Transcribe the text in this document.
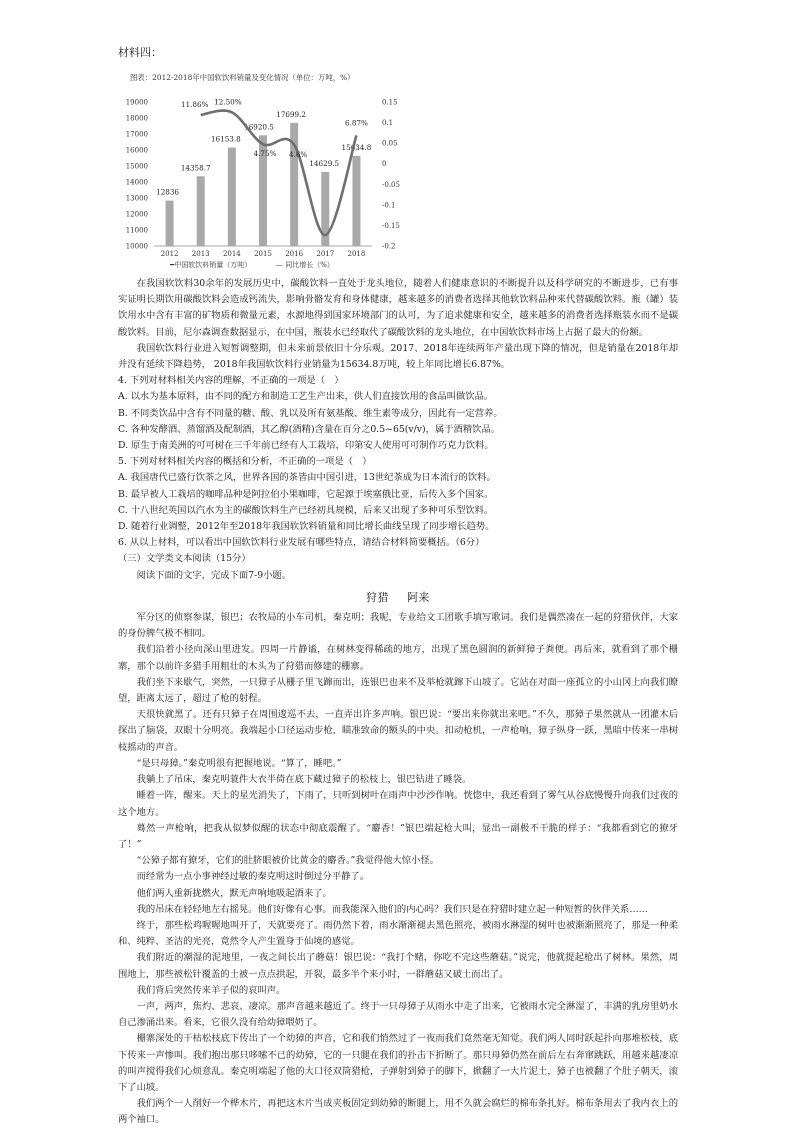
材料四：
图表：2012-2018年中国软饮料销量及变化情况（单位：万吨，%）
19000
18000
17000
16000
15000
14000
13000
12000
11000
10000
0.15
0.1
0.05
0
-0.05
-0.1
-0.15
-0.2
12836
14358.7
16153.8
16920.5
17699.2
14629.5
15634.8
11.86% 12.50%
4.75% 4.6%
6.87%
2012 2013 2014 2015 2016 2017 2018
━中国软饮料销量（万吨）	— 同比增长（%）

在我国软饮料30余年的发展历史中，碳酸饮料一直处于龙头地位，随着人们健康意识的不断提升以及科学研究的不断进步，已有事实证明长期饮用碳酸饮料会造成钙流失，影响骨骼发育和身体健康，越来越多的消费者选择其他软饮料品种来代替碳酸饮料。瓶（罐）装饮用水中含有丰富的矿物质和微量元素，水源地得到国家环境部门的认可，为了追求健康和安全，越来越多的消费者选择瓶装水而不是碳酸饮料。目前，尼尔森调查数据显示，在中国，瓶装水已经取代了碳酸饮料的龙头地位，在中国软饮料市场上占据了最大的份额。

我国软饮料行业进入短暂调整期，但未来前景依旧十分乐观。2017、2018年连续两年产量出现下降的情况，但是销量在2018年却并没有延续下降趋势， 2018年我国软饮料行业销量为15634.8万吨，较上年同比增长6.87%。

4. 下列对材料相关内容的理解，不正确的一项是（　）

A. 以水为基本原料，由不同的配方和制造工艺生产出来，供人们直接饮用的食品叫做饮品。

B. 不同类饮品中含有不同量的糖、酸、乳以及所有氨基酸、维生素等成分，因此有一定营养。

C. 各种发酵酒、蒸馏酒及配制酒，其乙醇(酒精)含量在百分之0.5~65(v/v)，属于酒精饮品。

D. 原生于南美洲的可可树在三千年前已经有人工栽培，印第安人使用可可制作巧克力饮料。

5. 下列对材料相关内容的概括和分析，不正确的一项是（　）

A. 我国唐代已盛行饮茶之风，世界各国的茶皆由中国引进，13世纪茶成为日本流行的饮料。

B. 最早被人工栽培的咖啡品种是阿拉伯小果咖啡，它起源于埃塞俄比亚，后传入多个国家。

C. 十八世纪英国以汽水为主的碳酸饮料生产已经初具规模，后来又出现了多种可乐型饮料。

D. 随着行业调整，2012年至2018年我国软饮料销量和同比增长曲线呈现了同步增长趋势。

6. 从以上材料，可以看出中国软饮料行业发展有哪些特点，请结合材料简要概括。（6分）

（三）文学类文本阅读（15分）

阅读下面的文字，完成下面7-9小题。

狩猎 阿来

军分区的侦察参谋，银巴；农牧局的小车司机，秦克明；我呢，专业给文工团歌手填写歌词。我们是偶然凑在一起的狩猎伙伴，大家的身份脾气极不相同。

我们沿着小径向深山里进发。四周一片静谧，在树林变得稀疏的地方，出现了黑色圆润的新鲜獐子粪便。再后来，就看到了那个栅寨，那个以前许多猎手用粗壮的木头为了狩猎而修建的栅寨。

我们坐下来歇气，突然，一只獐子从栅子里飞蹿而出，连银巴也来不及举枪就蹿下山坡了。它站在对面一座孤立的小山冈上向我们瞭望，距离太远了，超过了枪的射程。

天很快就黑了。还有只獐子在周围逡巡不去，一直弄出许多声响。银巴说：“要出来你就出来吧。”不久，那獐子果然就从一团灌木后探出了脑袋，双眼十分明亮。我端起小口径运动步枪，瞄准致命的额头的中央。扣动枪机，一声枪响，獐子纵身一跃，黑暗中传来一串树枝摇动的声音。

“是只母獐。”秦克明很有把握地说。“算了，睡吧。”

我躺上了吊床，秦克明蓑件大衣半倚在底下藏过獐子的松枝上，银巴钻进了睡袋。

睡着一阵，醒来。天上的星光消失了，下雨了，只听到树叶在雨声中沙沙作响。恍惚中，我还看到了雾气从谷底慢慢升向我们过夜的这个地方。

蓦然一声枪响，把我从似梦似醒的状态中彻底震醒了。“麝香！”银巴端起枪大叫，显出一副极不干脆的样子：“我都看到它的獠牙了！”

“公獐子都有獠牙，它们的肚脐眼被价比黄金的麝香。”我觉得他大惊小怪。

而经常为一点小事神经过敏的秦克明这时倒过分平静了。

他们两人重新拢燃火，默无声响地吸起酒来了。

我的吊床在轻轻地左右摇晃。他们好像有心事。而我能深入他们的内心吗？我们只是在狩猎时建立起一种短暂的伙伴关系……

终于，那些松鸡喔喔地叫开了，天就要亮了。雨仍然下着，雨水渐渐褪去黑色照亮，被雨水淋湿的树叶也被渐渐照亮了，那是一种柔和、纯粹、圣洁的光亮，竟然令人产生置身于仙境的感觉。

我们附近的潮湿的泥地里，一夜之间长出了蘑菇！银巴说：“我打个赌，你吃不完这些蘑菇。”说完，他就提起枪出了树林。果然，周围地上，那些被松针覆盖的土被一点点拱起，开裂，最多半个来小时，一群蘑菇又破土而出了。

我们背后突然传来羊子似的哀叫声。

一声，两声，焦灼、悲哀、凄凉。那声音越来越近了。终于一只母獐子从雨水中走了出来，它被雨水完全淋湿了，丰满的乳房里奶水自己渗涌出来。看来，它很久没有给幼獐喂奶了。

栅寨深处的干枯松枝底下传出了一个幼獐的声音，它和我们悄然过了一夜而我们竟然毫无知觉。我们两人同时跃起扑向那堆松枝，底下传来一声惨叫。我们抱出那只哆嗦不已的幼獐，它的一只腿在我们的扑击下折断了。那只母獐仍然在前后左右奔窜跳跃，用越来越凄凉的叫声搅得我们心烦意乱。秦克明端起了他的大口径双筒猎枪，子弹射到獐子的脚下，掀翻了一大片泥土，獐子也被翻了个肚子朝天，滚下了山坡。

我们两个一人削好一个桦木片，再把这木片当成夹板固定到幼獐的断腿上，用不久就会腐烂的棉布条扎好。棉布条用去了我内衣上的两个袖口。
